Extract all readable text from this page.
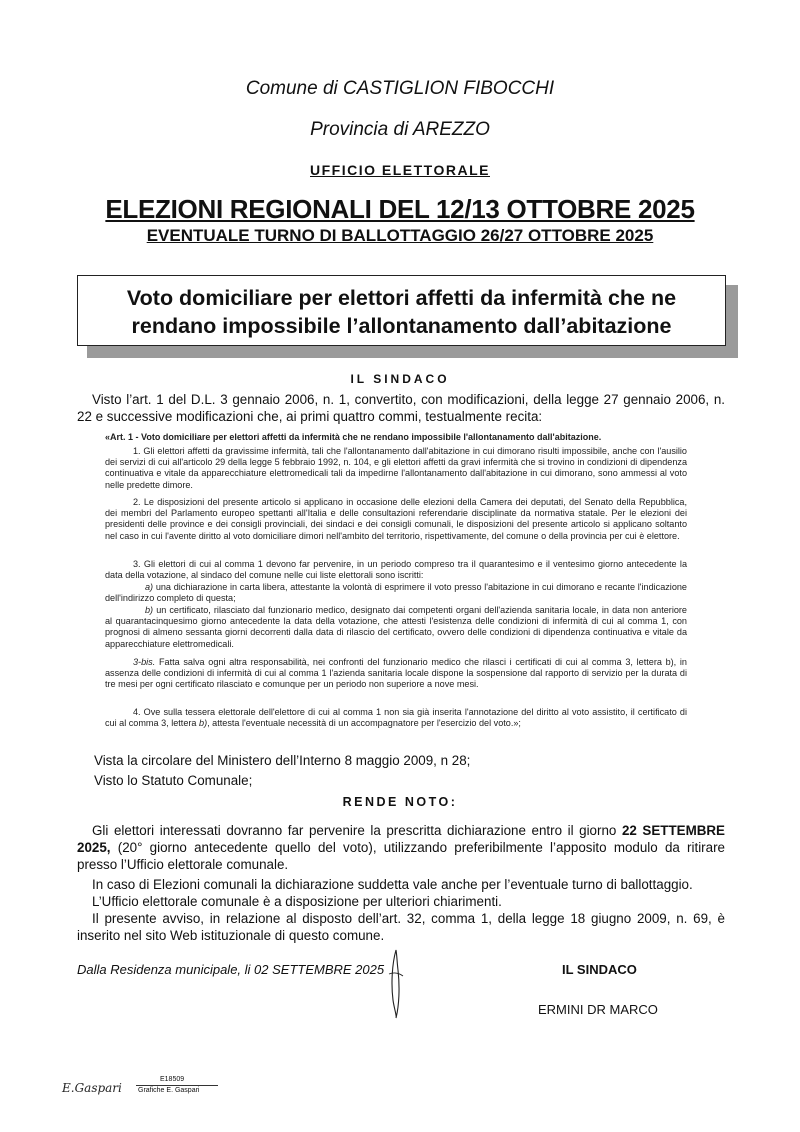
Comune di CASTIGLION FIBOCCHI
Provincia di AREZZO
UFFICIO ELETTORALE
ELEZIONI REGIONALI DEL 12/13 OTTOBRE 2025
EVENTUALE TURNO DI BALLOTTAGGIO 26/27 OTTOBRE 2025
Voto domiciliare per elettori affetti da infermità che ne
rendano impossibile l’allontanamento dall’abitazione
IL SINDACO
Visto l’art. 1 del D.L. 3 gennaio 2006, n. 1, convertito, con modificazioni, della legge 27 gennaio 2006, n. 22 e successive modificazioni che, ai primi quattro commi, testualmente recita:
«Art. 1 - Voto domiciliare per elettori affetti da infermità che ne rendano impossibile l'allontanamento dall'abitazione.
1. Gli elettori affetti da gravissime infermità, tali che l'allontanamento dall'abitazione in cui dimorano risulti impossibile, anche con l'ausilio dei servizi di cui all'articolo 29 della legge 5 febbraio 1992, n. 104, e gli elettori affetti da gravi infermità che si trovino in condizioni di dipendenza continuativa e vitale da apparecchiature elettromedicali tali da impedirne l'allontanamento dall'abitazione in cui dimorano, sono ammessi al voto nelle predette dimore.
2. Le disposizioni del presente articolo si applicano in occasione delle elezioni della Camera dei deputati, del Senato della Repubblica, dei membri del Parlamento europeo spettanti all'Italia e delle consultazioni referendarie disciplinate da normativa statale. Per le elezioni dei presidenti delle province e dei consigli provinciali, dei sindaci e dei consigli comunali, le disposizioni del presente articolo si applicano soltanto nel caso in cui l'avente diritto al voto domiciliare dimori nell'ambito del territorio, rispettivamente, del comune o della provincia per cui è elettore.
3. Gli elettori di cui al comma 1 devono far pervenire, in un periodo compreso tra il quarantesimo e il ventesimo giorno antecedente la data della votazione, al sindaco del comune nelle cui liste elettorali sono iscritti:
a) una dichiarazione in carta libera, attestante la volontà di esprimere il voto presso l'abitazione in cui dimorano e recante l'indicazione dell'indirizzo completo di questa;
b) un certificato, rilasciato dal funzionario medico, designato dai competenti organi dell'azienda sanitaria locale, in data non anteriore al quarantacinquesimo giorno antecedente la data della votazione, che attesti l'esistenza delle condizioni di infermità di cui al comma 1, con prognosi di almeno sessanta giorni decorrenti dalla data di rilascio del certificato, ovvero delle condizioni di dipendenza continuativa e vitale da apparecchiature elettromedicali.
3-bis. Fatta salva ogni altra responsabilità, nei confronti del funzionario medico che rilasci i certificati di cui al comma 3, lettera b), in assenza delle condizioni di infermità di cui al comma 1 l'azienda sanitaria locale dispone la sospensione dal rapporto di servizio per la durata di tre mesi per ogni certificato rilasciato e comunque per un periodo non superiore a nove mesi.
4. Ove sulla tessera elettorale dell'elettore di cui al comma 1 non sia già inserita l'annotazione del diritto al voto assistito, il certificato di cui al comma 3, lettera b), attesta l'eventuale necessità di un accompagnatore per l'esercizio del voto.»;
Vista la circolare del Ministero dell’Interno 8 maggio 2009, n 28;
Visto lo Statuto Comunale;
RENDE NOTO:
Gli elettori interessati dovranno far pervenire la prescritta dichiarazione entro il giorno 22 SETTEMBRE 2025, (20° giorno antecedente quello del voto), utilizzando preferibilmente l’apposito modulo da ritirare presso l’Ufficio elettorale comunale.
In caso di Elezioni comunali la dichiarazione suddetta vale anche per l’eventuale turno di ballottaggio.
L’Ufficio elettorale comunale è a disposizione per ulteriori chiarimenti.
Il presente avviso, in relazione al disposto dell’art. 32, comma 1, della legge 18 giugno 2009, n. 69, è inserito nel sito Web istituzionale di questo comune.
Dalla Residenza municipale, li 02 SETTEMBRE 2025	IL SINDACO
ERMINI DR MARCO
E.Gaspari
E18509
Grafiche E. Gaspari
